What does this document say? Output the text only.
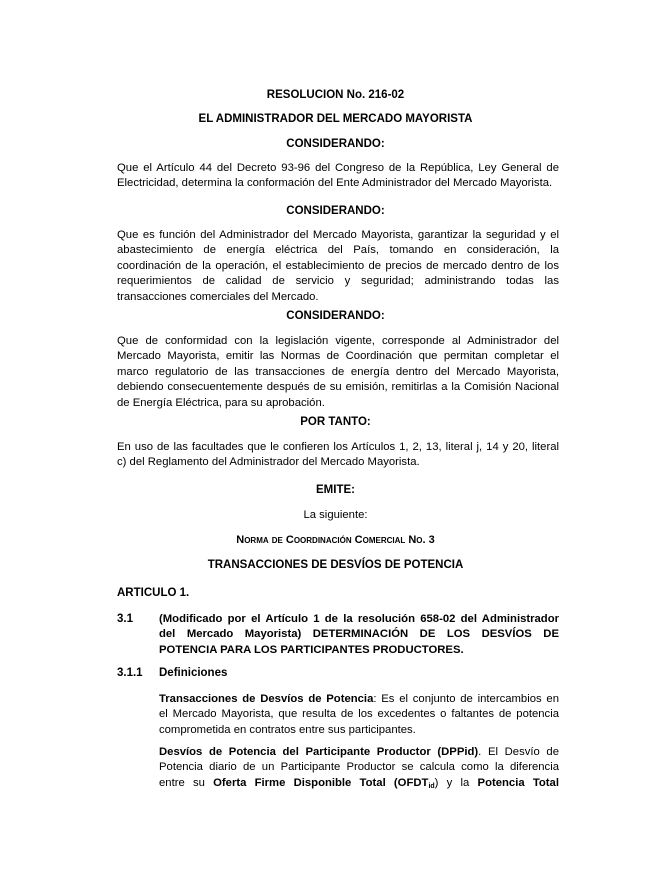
RESOLUCION No. 216-02
EL ADMINISTRADOR DEL MERCADO MAYORISTA
CONSIDERANDO:
Que el Artículo 44 del Decreto 93-96 del Congreso de la República, Ley General de
Electricidad, determina la conformación del Ente Administrador del Mercado Mayorista.
CONSIDERANDO:
Que es función del Administrador del Mercado Mayorista, garantizar la seguridad y el
abastecimiento de energía eléctrica del País, tomando en consideración, la
coordinación de la operación, el establecimiento de precios de mercado dentro de los
requerimientos de calidad de servicio y seguridad; administrando todas las
transacciones comerciales del Mercado.
CONSIDERANDO:
Que de conformidad con la legislación vigente, corresponde al Administrador del
Mercado Mayorista, emitir las Normas de Coordinación que permitan completar el
marco regulatorio de las transacciones de energía dentro del Mercado Mayorista,
debiendo consecuentemente después de su emisión, remitirlas a la Comisión Nacional
de Energía Eléctrica, para su aprobación.
POR TANTO:
En uso de las facultades que le confieren los Artículos 1, 2, 13, literal j, 14 y 20, literal
c) del Reglamento del Administrador del Mercado Mayorista.
EMITE:
La siguiente:
Norma de Coordinación Comercial No. 3
TRANSACCIONES DE DESVÍOS DE POTENCIA
ARTICULO 1.
3.1 (Modificado por el Artículo 1 de la resolución 658-02 del Administrador
del Mercado Mayorista) DETERMINACIÓN DE LOS DESVÍOS DE
POTENCIA PARA LOS PARTICIPANTES PRODUCTORES.
3.1.1 Definiciones
Transacciones de Desvíos de Potencia: Es el conjunto de intercambios en
el Mercado Mayorista, que resulta de los excedentes o faltantes de potencia
comprometida en contratos entre sus participantes.
Desvíos de Potencia del Participante Productor (DPPid). El Desvío de
Potencia diario de un Participante Productor se calcula como la diferencia
entre su Oferta Firme Disponible Total $(OFDT_{id})$ y la Potencia Total
